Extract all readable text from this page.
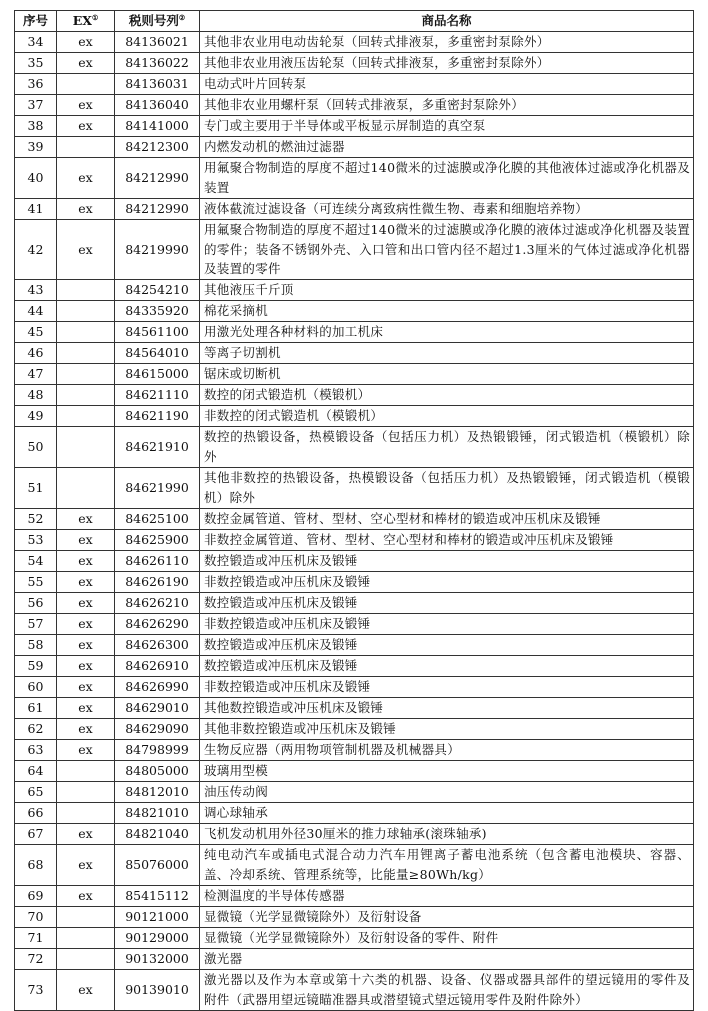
序号	EX①	税则号列②	商品名称
34	ex	84136021	其他非农业用电动齿轮泵（回转式排液泵，多重密封泵除外）
35	ex	84136022	其他非农业用液压齿轮泵（回转式排液泵，多重密封泵除外）
36		84136031	电动式叶片回转泵
37	ex	84136040	其他非农业用螺杆泵（回转式排液泵，多重密封泵除外）
38	ex	84141000	专门或主要用于半导体或平板显示屏制造的真空泵
39		84212300	内燃发动机的燃油过滤器
40	ex	84212990	用氟聚合物制造的厚度不超过140微米的过滤膜或净化膜的其他液体过滤或净化机器及装置
41	ex	84212990	液体截流过滤设备（可连续分离致病性微生物、毒素和细胞培养物）
42	ex	84219990	用氟聚合物制造的厚度不超过140微米的过滤膜或净化膜的液体过滤或净化机器及装置的零件；装备不锈钢外壳、入口管和出口管内径不超过1.3厘米的气体过滤或净化机器及装置的零件
43		84254210	其他液压千斤顶
44		84335920	棉花采摘机
45		84561100	用激光处理各种材料的加工机床
46		84564010	等离子切割机
47		84615000	锯床或切断机
48		84621110	数控的闭式锻造机（模锻机）
49		84621190	非数控的闭式锻造机（模锻机）
50		84621910	数控的热锻设备，热模锻设备（包括压力机）及热锻锻锤，闭式锻造机（模锻机）除外
51		84621990	其他非数控的热锻设备，热模锻设备（包括压力机）及热锻锻锤，闭式锻造机（模锻机）除外
52	ex	84625100	数控金属管道、管材、型材、空心型材和棒材的锻造或冲压机床及锻锤
53	ex	84625900	非数控金属管道、管材、型材、空心型材和棒材的锻造或冲压机床及锻锤
54	ex	84626110	数控锻造或冲压机床及锻锤
55	ex	84626190	非数控锻造或冲压机床及锻锤
56	ex	84626210	数控锻造或冲压机床及锻锤
57	ex	84626290	非数控锻造或冲压机床及锻锤
58	ex	84626300	数控锻造或冲压机床及锻锤
59	ex	84626910	数控锻造或冲压机床及锻锤
60	ex	84626990	非数控锻造或冲压机床及锻锤
61	ex	84629010	其他数控锻造或冲压机床及锻锤
62	ex	84629090	其他非数控锻造或冲压机床及锻锤
63	ex	84798999	生物反应器（两用物项管制机器及机械器具）
64		84805000	玻璃用型模
65		84812010	油压传动阀
66		84821010	调心球轴承
67	ex	84821040	飞机发动机用外径30厘米的推力球轴承(滚珠轴承)
68	ex	85076000	纯电动汽车或插电式混合动力汽车用锂离子蓄电池系统（包含蓄电池模块、容器、盖、冷却系统、管理系统等，比能量≥80Wh/kg）
69	ex	85415112	检测温度的半导体传感器
70		90121000	显微镜（光学显微镜除外）及衍射设备
71		90129000	显微镜（光学显微镜除外）及衍射设备的零件、附件
72		90132000	激光器
73	ex	90139010	激光器以及作为本章或第十六类的机器、设备、仪器或器具部件的望远镜用的零件及附件（武器用望远镜瞄准器具或潜望镜式望远镜用零件及附件除外）
